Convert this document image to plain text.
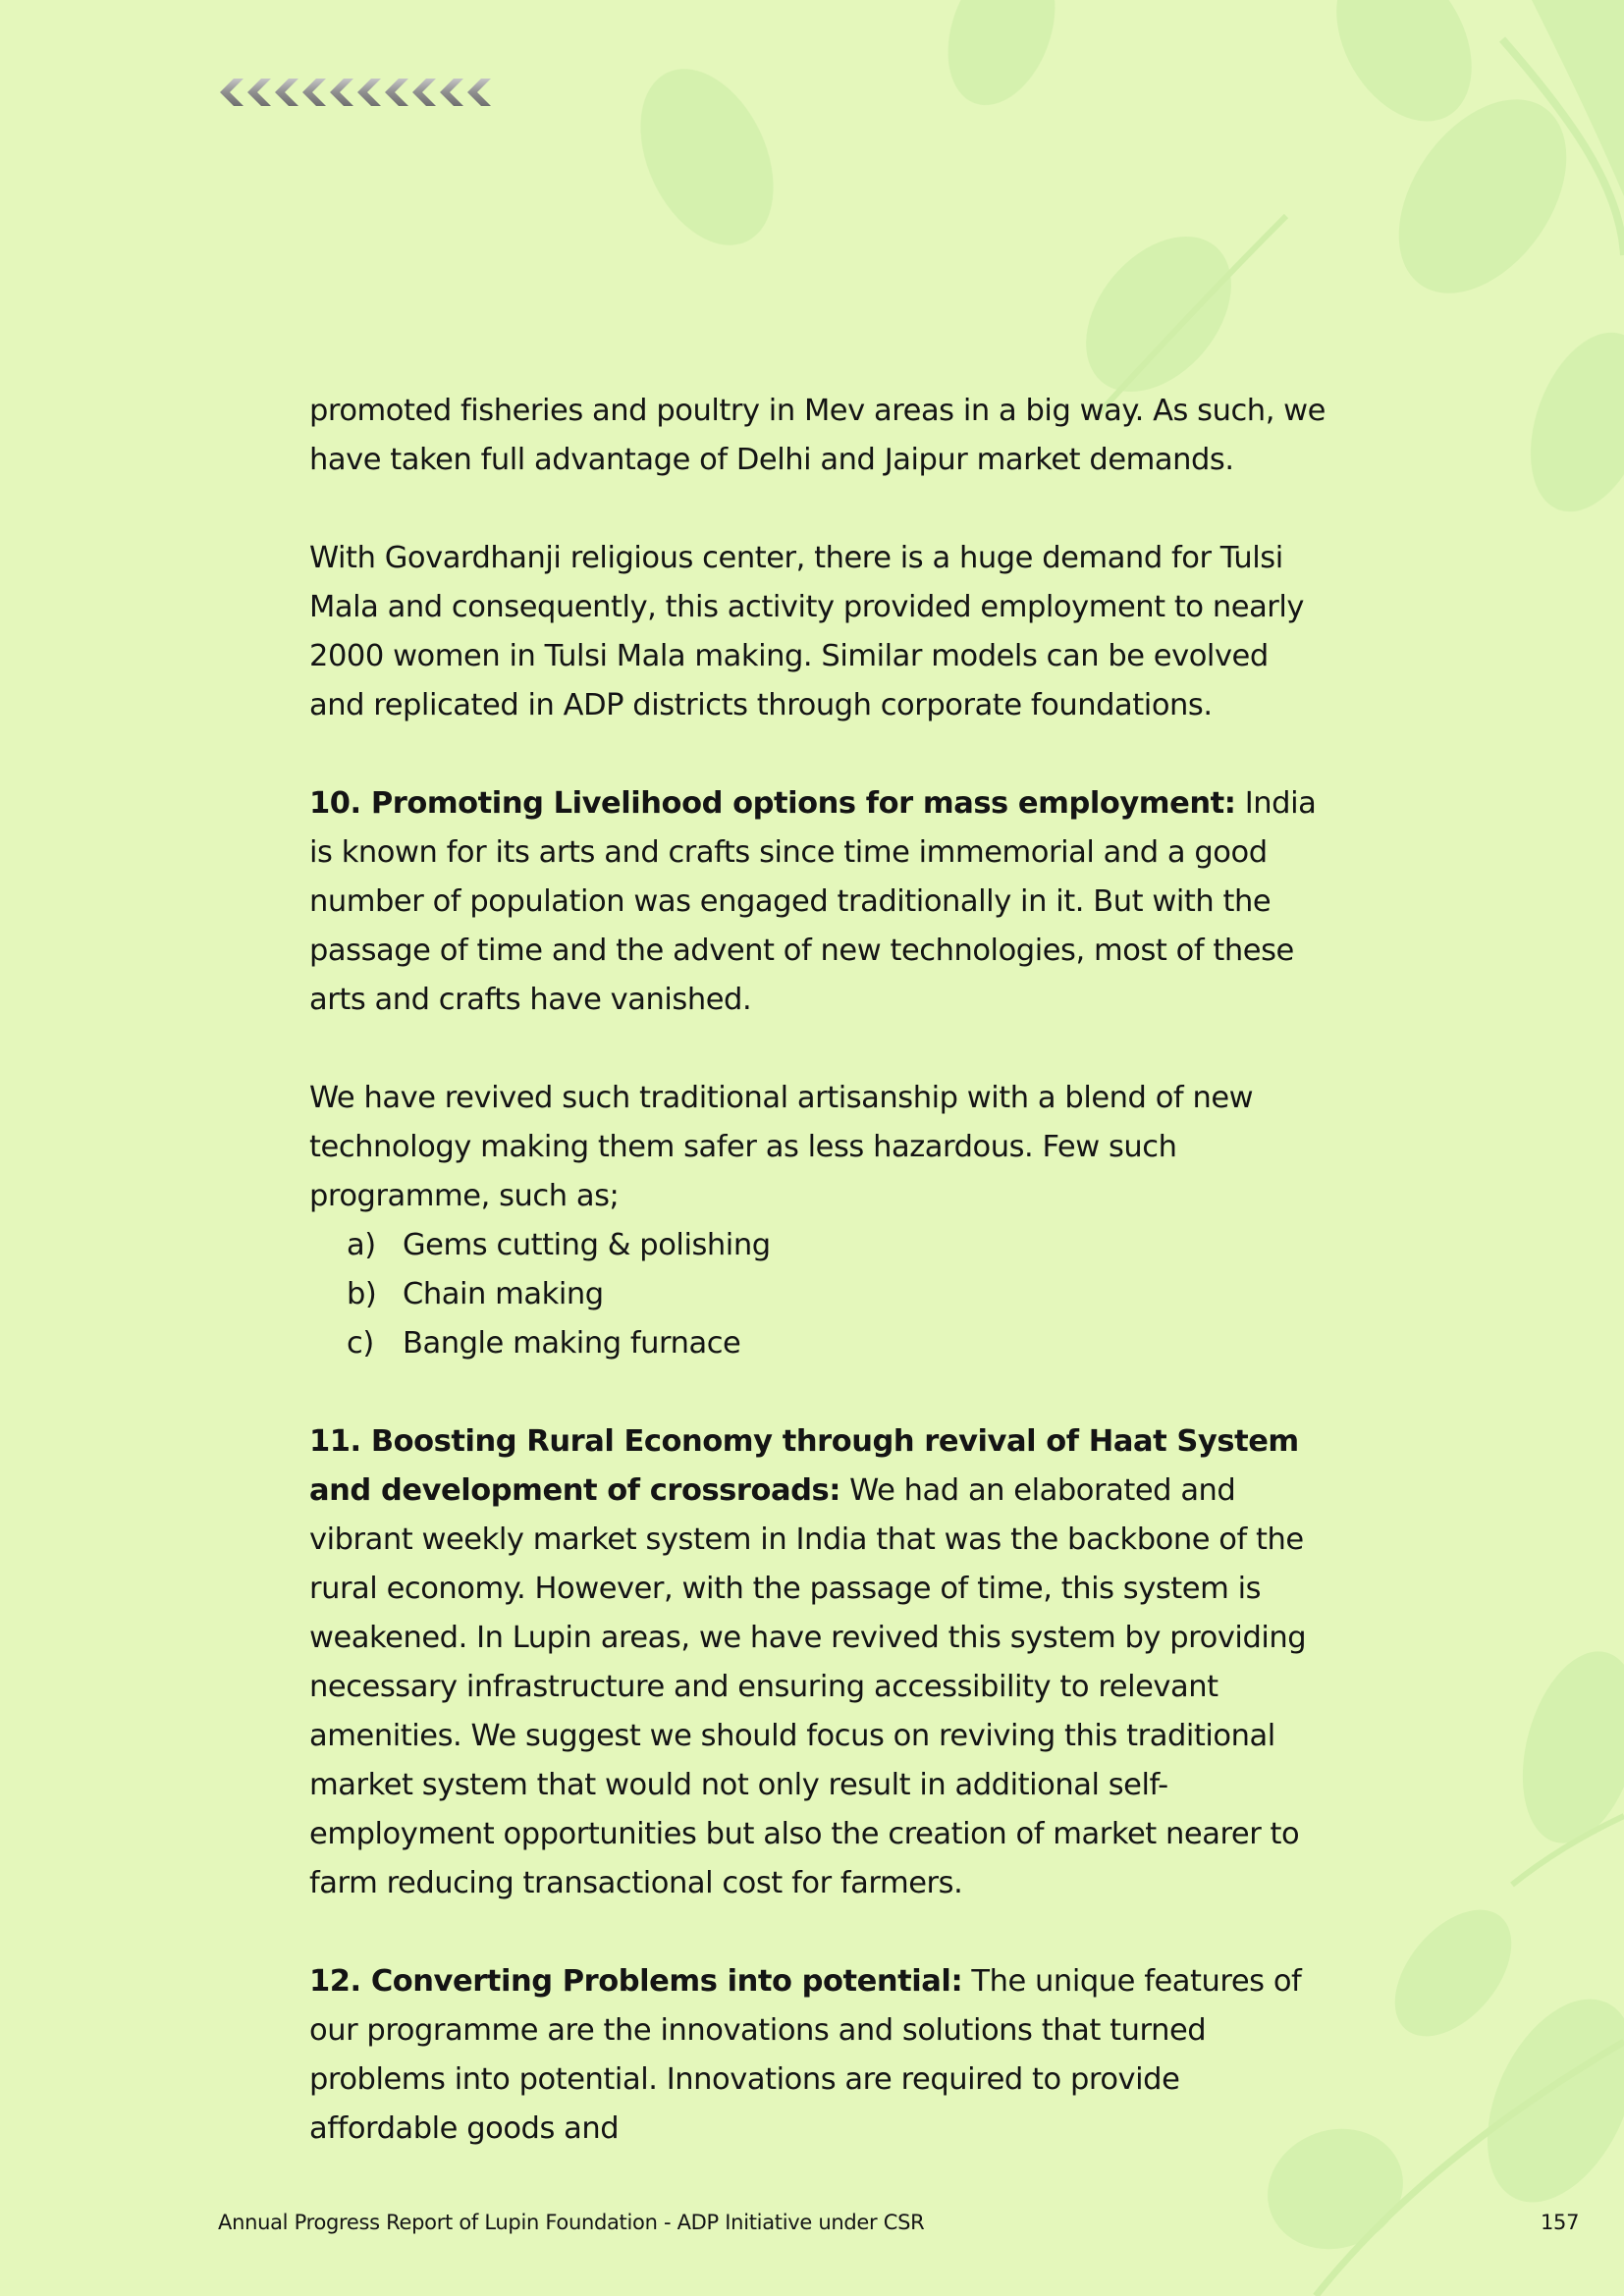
promoted fisheries and poultry in Mev areas in a big way. As such, we have taken full advantage of Delhi and Jaipur market demands.

With Govardhanji religious center, there is a huge demand for Tulsi Mala and consequently, this activity provided employment to nearly 2000 women in Tulsi Mala making. Similar models can be evolved and replicated in ADP districts through corporate foundations.

10. Promoting Livelihood options for mass employment: India is known for its arts and crafts since time immemorial and a good number of population was engaged traditionally in it. But with the passage of time and the advent of new technologies, most of these arts and crafts have vanished.

We have revived such traditional artisanship with a blend of new technology making them safer as less hazardous. Few such programme, such as;

a) Gems cutting & polishing
b) Chain making
c) Bangle making furnace

11. Boosting Rural Economy through revival of Haat System and development of crossroads: We had an elaborated and vibrant weekly market system in India that was the backbone of the rural economy. However, with the passage of time, this system is weakened. In Lupin areas, we have revived this system by providing necessary infrastructure and ensuring accessibility to relevant amenities. We suggest we should focus on reviving this traditional market system that would not only result in additional self-employment opportunities but also the creation of market nearer to farm reducing transactional cost for farmers.

12. Converting Problems into potential: The unique features of our programme are the innovations and solutions that turned problems into potential. Innovations are required to provide affordable goods and

Annual Progress Report of Lupin Foundation - ADP Initiative under CSR	157
